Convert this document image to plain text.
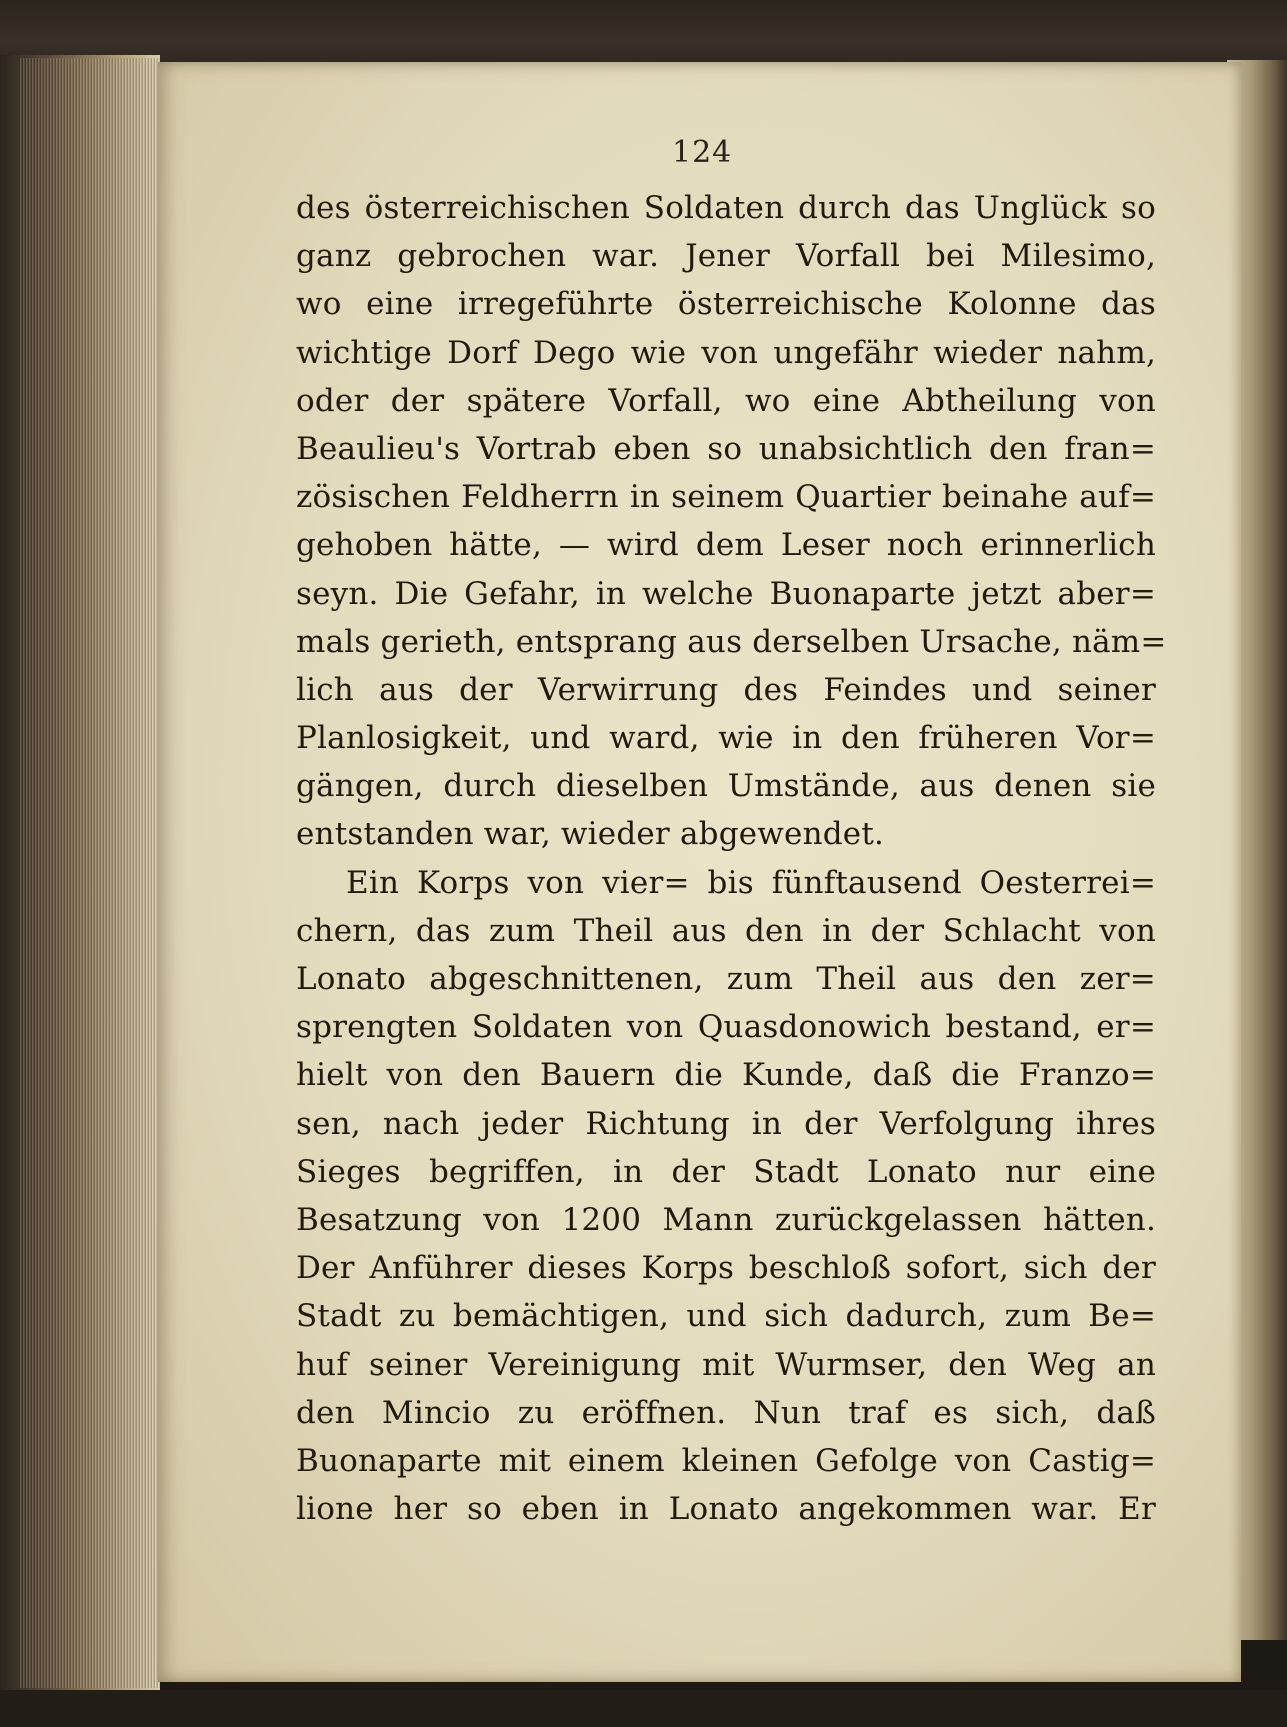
124
des österreichischen Soldaten durch das Unglück so
ganz gebrochen war. Jener Vorfall bei Milesimo,
wo eine irregeführte österreichische Kolonne das
wichtige Dorf Dego wie von ungefähr wieder nahm,
oder der spätere Vorfall, wo eine Abtheilung von
Beaulieu's Vortrab eben so unabsichtlich den fran=
zösischen Feldherrn in seinem Quartier beinahe auf=
gehoben hätte, — wird dem Leser noch erinnerlich
seyn. Die Gefahr, in welche Buonaparte jetzt aber=
mals gerieth, entsprang aus derselben Ursache, näm=
lich aus der Verwirrung des Feindes und seiner
Planlosigkeit, und ward, wie in den früheren Vor=
gängen, durch dieselben Umstände, aus denen sie
entstanden war, wieder abgewendet.
Ein Korps von vier= bis fünftausend Oesterrei=
chern, das zum Theil aus den in der Schlacht von
Lonato abgeschnittenen, zum Theil aus den zer=
sprengten Soldaten von Quasdonowich bestand, er=
hielt von den Bauern die Kunde, daß die Franzo=
sen, nach jeder Richtung in der Verfolgung ihres
Sieges begriffen, in der Stadt Lonato nur eine
Besatzung von 1200 Mann zurückgelassen hätten.
Der Anführer dieses Korps beschloß sofort, sich der
Stadt zu bemächtigen, und sich dadurch, zum Be=
huf seiner Vereinigung mit Wurmser, den Weg an
den Mincio zu eröffnen. Nun traf es sich, daß
Buonaparte mit einem kleinen Gefolge von Castig=
lione her so eben in Lonato angekommen war. Er
